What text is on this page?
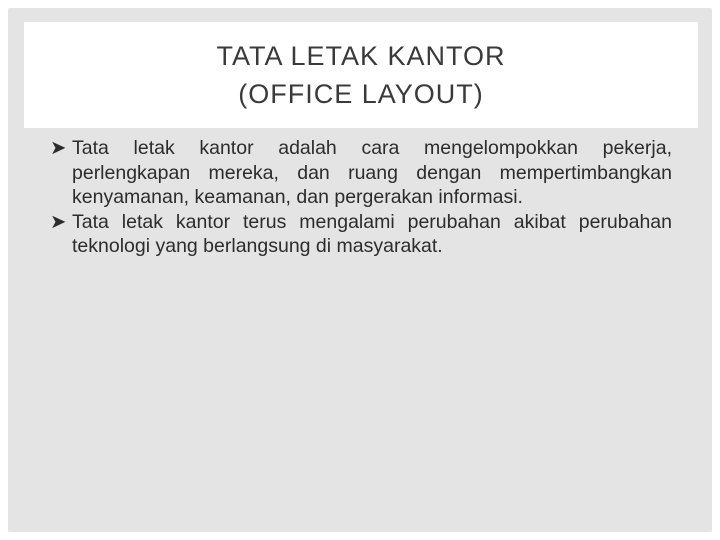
TATA LETAK KANTOR
(OFFICE LAYOUT)

➤ Tata letak kantor adalah cara mengelompokkan pekerja, perlengkapan mereka, dan ruang dengan mempertimbangkan kenyamanan, keamanan, dan pergerakan informasi.

➤ Tata letak kantor terus mengalami perubahan akibat perubahan teknologi yang berlangsung di masyarakat.
